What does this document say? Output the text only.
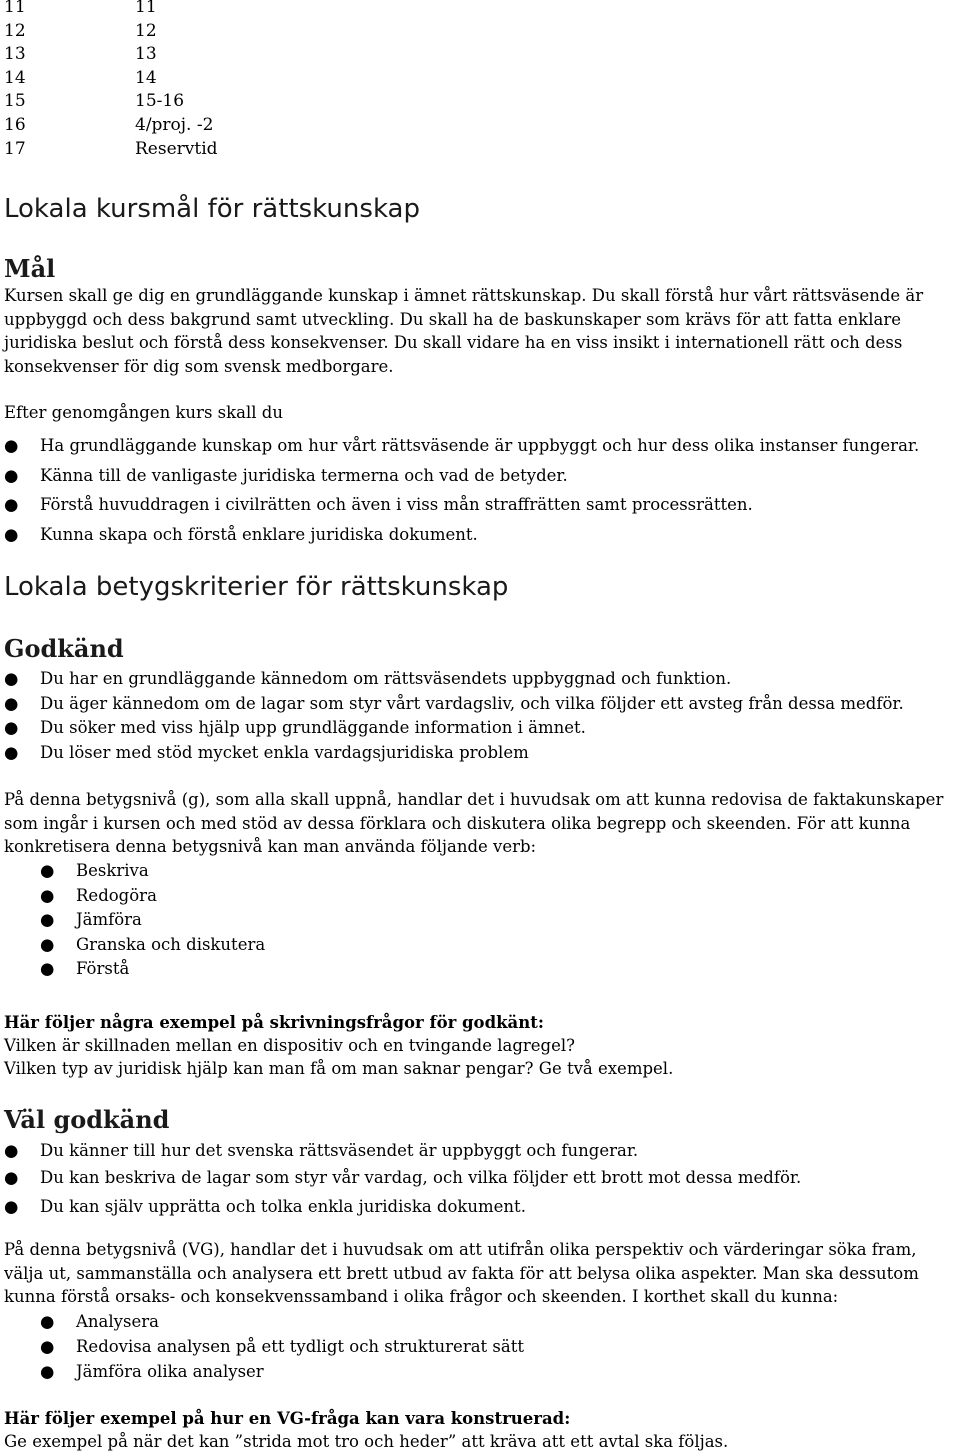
11	11
12	12
13	13
14	14
15	15-16
16	4/proj. -2
17	Reservtid
Lokala kursmål för rättskunskap
Mål
Kursen skall ge dig en grundläggande kunskap i ämnet rättskunskap. Du skall förstå hur vårt rättsväsende är uppbyggd och dess bakgrund samt utveckling. Du skall ha de baskunskaper som krävs för att fatta enklare juridiska beslut och förstå dess konsekvenser. Du skall vidare ha en viss insikt i internationell rätt och dess konsekvenser för dig som svensk medborgare.
Efter genomgången kurs skall du
● Ha grundläggande kunskap om hur vårt rättsväsende är uppbyggt och hur dess olika instanser fungerar.
● Känna till de vanligaste juridiska termerna och vad de betyder.
● Förstå huvuddragen i civilrätten och även i viss mån straffrätten samt processrätten.
● Kunna skapa och förstå enklare juridiska dokument.
Lokala betygskriterier för rättskunskap
Godkänd
● Du har en grundläggande kännedom om rättsväsendets uppbyggnad och funktion.
● Du äger kännedom om de lagar som styr vårt vardagsliv, och vilka följder ett avsteg från dessa medför.
● Du söker med viss hjälp upp grundläggande information i ämnet.
● Du löser med stöd mycket enkla vardagsjuridiska problem
På denna betygsnivå (g), som alla skall uppnå, handlar det i huvudsak om att kunna redovisa de faktakunskaper som ingår i kursen och med stöd av dessa förklara och diskutera olika begrepp och skeenden. För att kunna konkretisera denna betygsnivå kan man använda följande verb:
● Beskriva
● Redogöra
● Jämföra
● Granska och diskutera
● Förstå
Här följer några exempel på skrivningsfrågor för godkänt:
Vilken är skillnaden mellan en dispositiv och en tvingande lagregel?
Vilken typ av juridisk hjälp kan man få om man saknar pengar? Ge två exempel.
Väl godkänd
● Du känner till hur det svenska rättsväsendet är uppbyggt och fungerar.
● Du kan beskriva de lagar som styr vår vardag, och vilka följder ett brott mot dessa medför.
● Du kan själv upprätta och tolka enkla juridiska dokument.
På denna betygsnivå (VG), handlar det i huvudsak om att utifrån olika perspektiv och värderingar söka fram, välja ut, sammanställa och analysera ett brett utbud av fakta för att belysa olika aspekter. Man ska dessutom kunna förstå orsaks- och konsekvenssamband i olika frågor och skeenden. I korthet skall du kunna:
● Analysera
● Redovisa analysen på ett tydligt och strukturerat sätt
● Jämföra olika analyser
Här följer exempel på hur en VG-fråga kan vara konstruerad:
Ge exempel på när det kan ”strida mot tro och heder” att kräva att ett avtal ska följas.
